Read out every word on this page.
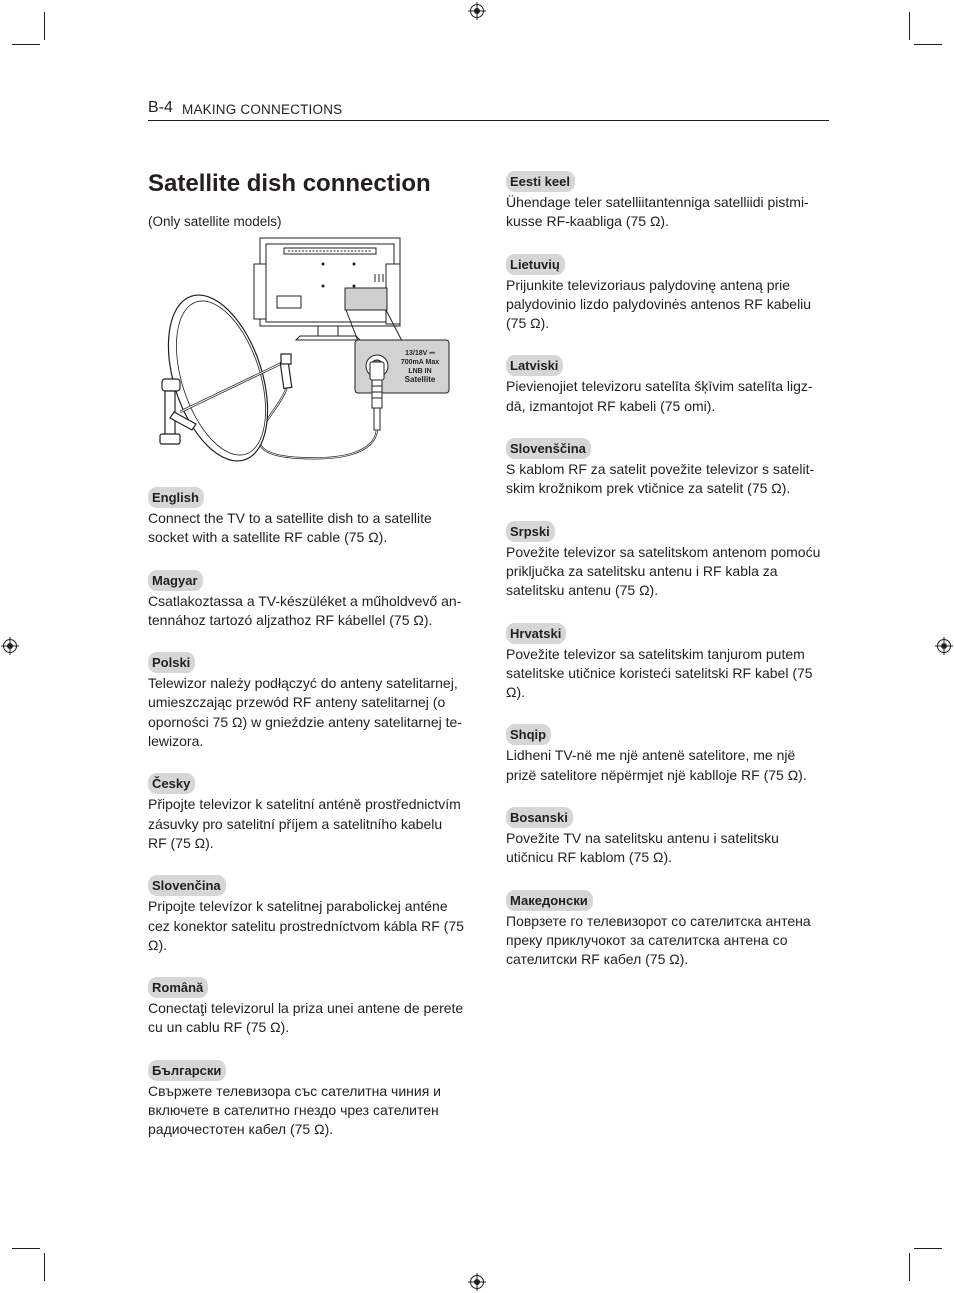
B-4 MAKING CONNECTIONS
Satellite dish connection
(Only satellite models)
13/18V ⎓
700mA Max
LNB IN
Satellite
English
Connect the TV to a satellite dish to a satellite
socket with a satellite RF cable (75 Ω).
Magyar
Csatlakoztassa a TV-készüléket a műholdvevő an-
tennához tartozó aljzathoz RF kábellel (75 Ω).
Polski
Telewizor należy podłączyć do anteny satelitarnej,
umieszczając przewód RF anteny satelitarnej (o
oporności 75 Ω) w gnieździe anteny satelitarnej te-
lewizora.
Česky
Připojte televizor k satelitní anténě prostřednictvím
zásuvky pro satelitní příjem a satelitního kabelu
RF (75 Ω).
Slovenčina
Pripojte televízor k satelitnej parabolickej anténe
cez konektor satelitu prostredníctvom kábla RF (75
Ω).
Română
Conectaţi televizorul la priza unei antene de perete
cu un cablu RF (75 Ω).
Български
Свържете телевизора със сателитна чиния и
включете в сателитно гнездо чрез сателитен
радиочестотен кабел (75 Ω).
Eesti keel
Ühendage teler satelliitantenniga satelliidi pistmi-
kusse RF-kaabliga (75 Ω).
Lietuvių
Prijunkite televizoriaus palydovinę anteną prie
palydovinio lizdo palydovinės antenos RF kabeliu
(75 Ω).
Latviski
Pievienojiet televizoru satelīta šķīvim satelīta ligz-
dā, izmantojot RF kabeli (75 omi).
Slovenščina
S kablom RF za satelit povežite televizor s satelit-
skim krožnikom prek vtičnice za satelit (75 Ω).
Srpski
Povežite televizor sa satelitskom antenom pomoću
priključka za satelitsku antenu i RF kabla za
satelitsku antenu (75 Ω).
Hrvatski
Povežite televizor sa satelitskim tanjurom putem
satelitske utičnice koristeći satelitski RF kabel (75
Ω).
Shqip
Lidheni TV-në me një antenë satelitore, me një
prizë satelitore nëpërmjet një kablloje RF (75 Ω).
Bosanski
Povežite TV na satelitsku antenu i satelitsku
utičnicu RF kablom (75 Ω).
Македонски
Поврзете го телевизорот со сателитска антена
преку приклучокот за сателитска антена со
сателитски RF кабел (75 Ω).
